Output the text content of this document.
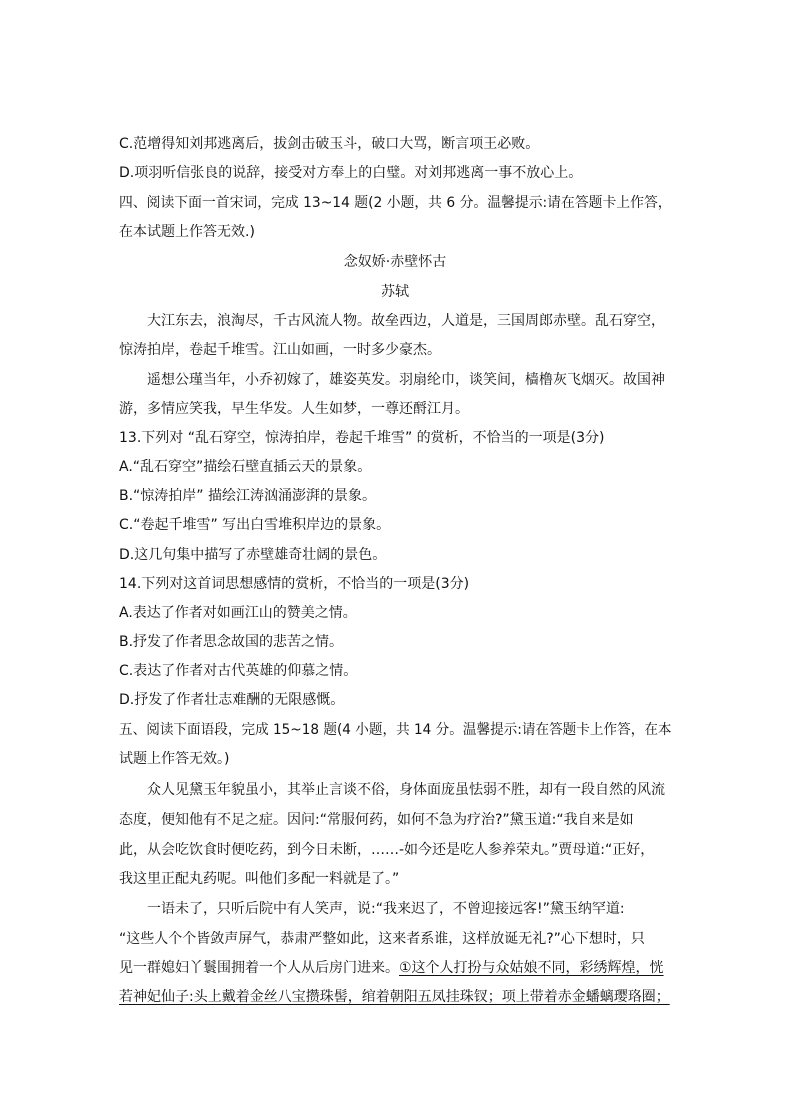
C.范增得知刘邦逃离后，拔剑击破玉斗，破口大骂，断言项王必败。
D.项羽听信张良的说辞，接受对方奉上的白璧。对刘邦逃离一事不放心上。
四、阅读下面一首宋词，完成 13~14 题(2 小题，共 6 分。温馨提示:请在答题卡上作答，
在本试题上作答无效.)
念奴娇·赤壁怀古
苏轼
大江东去，浪淘尽，千古风流人物。故垒西边，人道是，三国周郎赤壁。乱石穿空，
惊涛拍岸，卷起千堆雪。江山如画，一时多少豪杰。
遥想公瑾当年，小乔初嫁了，雄姿英发。羽扇纶巾，谈笑间，樯橹灰飞烟灭。故国神
游，多情应笑我，早生华发。人生如梦，一尊还酹江月。
13.下列对 “乱石穿空，惊涛拍岸，卷起千堆雪” 的赏析，不恰当的一项是(3分)
A.“乱石穿空”描绘石壁直插云天的景象。
B.“惊涛拍岸” 描绘江涛汹涌澎湃的景象。
C.“卷起千堆雪” 写出白雪堆积岸边的景象。
D.这几句集中描写了赤壁雄奇壮阔的景色。
14.下列对这首词思想感情的赏析，不恰当的一项是(3分)
A.表达了作者对如画江山的赞美之情。
B.抒发了作者思念故国的悲苦之情。
C.表达了作者对古代英雄的仰慕之情。
D.抒发了作者壮志难酬的无限感慨。
五、阅读下面语段，完成 15~18 题(4 小题，共 14 分。温馨提示:请在答题卡上作答，在本
试题上作答无效。)
众人见黛玉年貌虽小，其举止言谈不俗，身体面庞虽怯弱不胜，却有一段自然的风流
态度，便知他有不足之症。因问:“常服何药，如何不急为疗治?”黛玉道:“我自来是如
此，从会吃饮食时便吃药，到今日未断，……-如今还是吃人参养荣丸。”贾母道:“正好，
我这里正配丸药呢。叫他们多配一料就是了。”
一语未了，只听后院中有人笑声，说:“我来迟了，不曾迎接远客!”黛玉纳罕道:
“这些人个个皆敛声屏气，恭肃严整如此，这来者系谁，这样放诞无礼?”心下想时，只
见一群媳妇丫鬟围拥着一个人从后房门进来。①这个人打扮与众姑娘不同，彩绣辉煌，恍
若神妃仙子:头上戴着金丝八宝攒珠髻，绾着朝阳五凤挂珠钗；项上带着赤金蟠螭璎珞圈；
